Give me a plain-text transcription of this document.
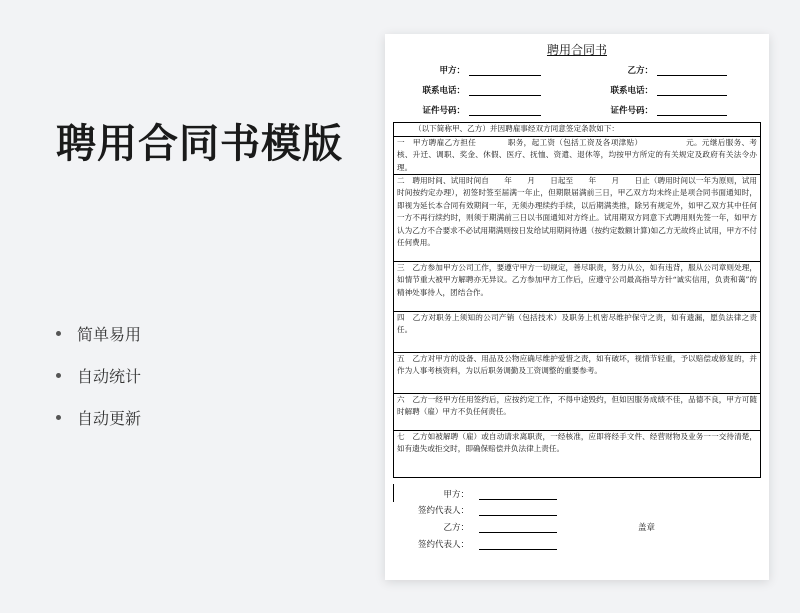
聘用合同书模版
简单易用
自动统计
自动更新
聘用合同书
甲方：	乙方：
联系电话：	联系电话：
证件号码：	证件号码：

（以下简称甲、乙方）并因聘雇事经双方同意签定条款如下：

一　甲方聘雇乙方担任　　　　职务，起工资（包括工资及各项津贴）　　　　　　元。元继后服务、考核、升迁、调职、奖金、休假、医疗、抚恤、资遣、退休等，均按甲方所定的有关规定及政府有关法令办理。

二　聘用时间、试用时间自　　年　　月　　日起至　　年　　月　　日止（聘用时间以一年为原则，试用时间按约定办理），初签时签至届满一年止，但期限届满前三日，甲乙双方均未终止是项合同书面通知时，即视为延长本合同有效期间一年，无须办理续约手续，以后期满类推，除另有规定外，如甲乙双方其中任何一方不再行续约时，则须于期满前三日以书面通知对方终止。试用期双方同意下式聘用则先签一年，如甲方认为乙方不合要求不必试用期满则按日发给试用期间待遇（按约定数额计算)如乙方无故终止试用，甲方不付任何费用。

三　乙方参加甲方公司工作，要遵守甲方一切规定，善尽职责，努力从公，如有违背，服从公司章则处理，如情节重大被甲方解聘亦无异议。乙方参加甲方工作后，应遵守公司最高指导方针“诚实信用，负责和蔼”的精神处事待人，团结合作。

四　乙方对职务上须知的公司产销（包括技术）及职务上机密尽维护保守之责，如有遗漏，愿负法律之责任。

五　乙方对甲方的设备、用品及公物应确尽维护爱惜之责，如有破坏，视情节轻重，予以赔偿或修复的，并作为人事考核资料，为以后职务调勤及工资调整的重要参考。

六　乙方一经甲方任用签约后，应按约定工作，不得中途毁约，但如因服务成绩不佳，品德不良，甲方可随时解聘（雇）甲方不负任何责任。

七　乙方如被解聘（雇）或自动请求离职责，一经核准，应即将经手文件、经营财物及业务一一交待清楚，如有遗失或拒交时，即确保赔偿并负法律上责任。

甲方：
签约代表人：
乙方：
签约代表人：
盖章
